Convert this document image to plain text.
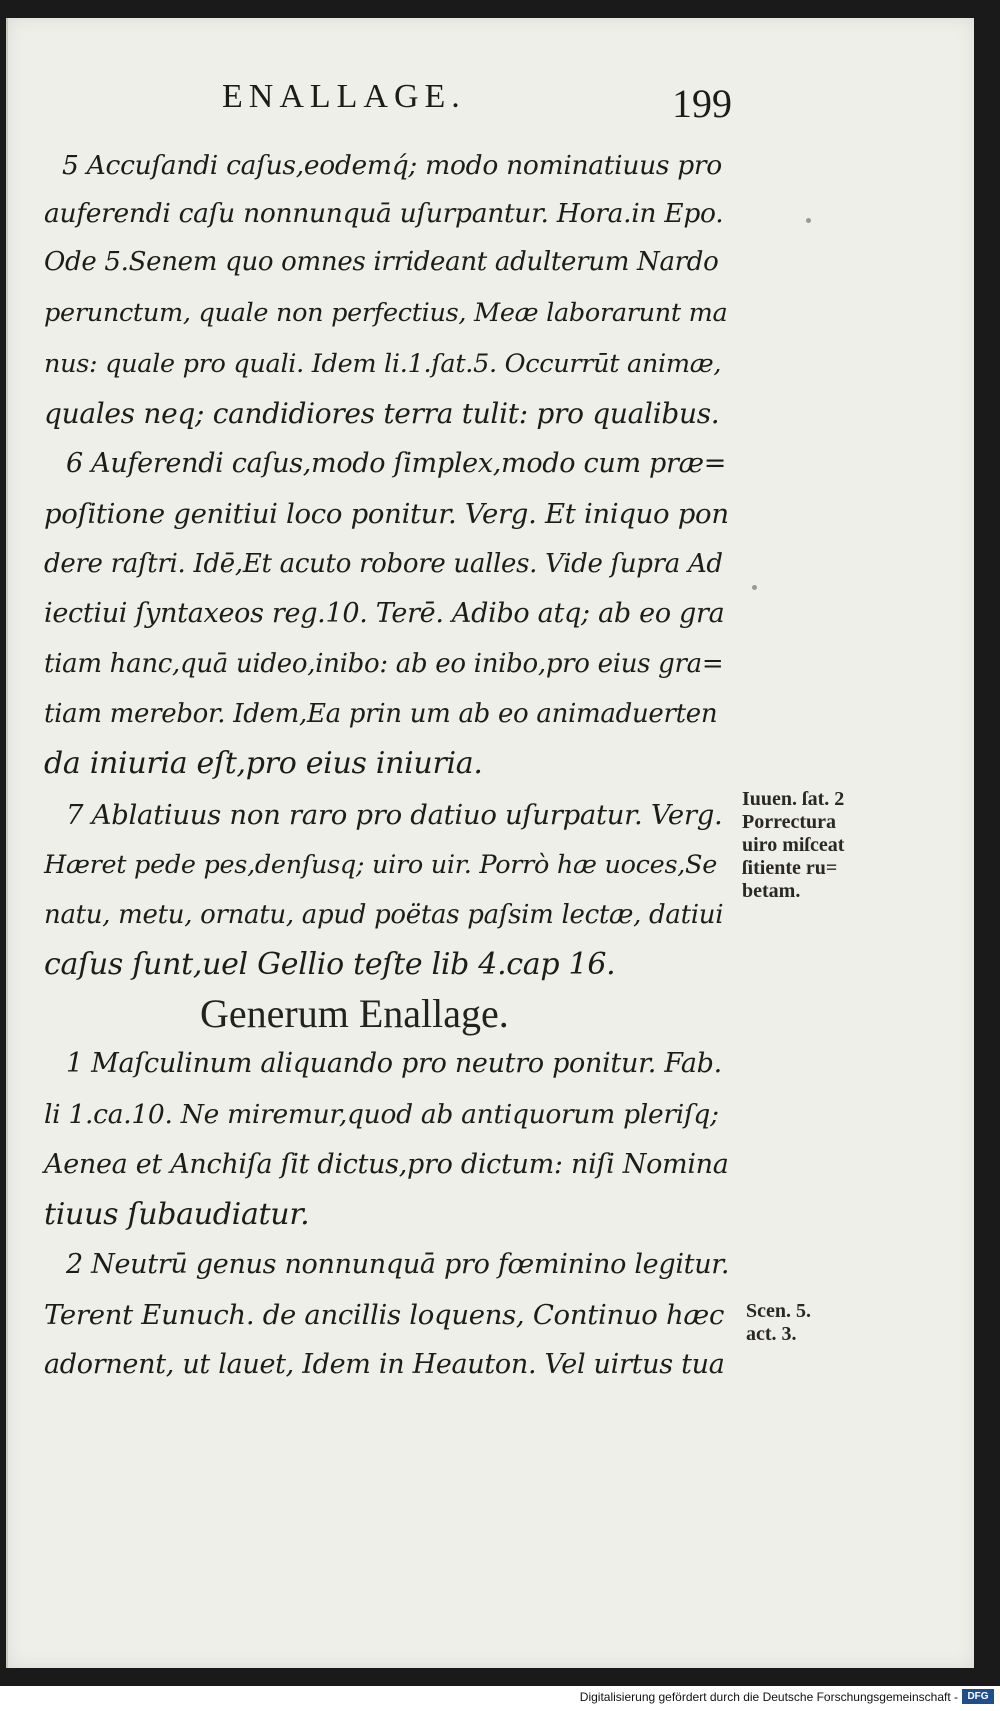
ENALLAGE.	199
5 Accuſandi caſus,eodemq́; modo nominatiuus pro
auferendi caſu nonnunquā uſurpantur. Hora.in Epo.
Ode 5.Senem quo omnes irrideant adulterum Nardo
perunctum, quale non perfectius, Meæ laborarunt ma
nus: quale pro quali. Idem li.1.ſat.5. Occurrūt animæ,
quales neq; candidiores terra tulit: pro qualibus.
6 Auferendi caſus,modo ſimplex,modo cum præ=
poſitione genitiui loco ponitur. Verg. Et iniquo pon
dere raſtri. Idē,Et acuto robore ualles. Vide ſupra Ad
iectiui ſyntaxeos reg.10. Terē. Adibo atq; ab eo gra
tiam hanc,quā uideo,inibo: ab eo inibo,pro eius gra=
tiam merebor. Idem,Ea prin um ab eo animaduerten
da iniuria eſt,pro eius iniuria.
7 Ablatiuus non raro pro datiuo uſurpatur. Verg.
Hæret pede pes,denſusq; uiro uir. Porrò hæ uoces,Se
natu, metu, ornatu, apud poëtas paſsim lectæ, datiui
caſus ſunt,uel Gellio teſte lib 4.cap 16.
Generum Enallage.
1 Maſculinum aliquando pro neutro ponitur. Fab.
li 1.ca.10. Ne miremur,quod ab antiquorum pleriſq;
Aenea et Anchiſa ſit dictus,pro dictum: niſi Nomina
tiuus ſubaudiatur.
2 Neutrū genus nonnunquā pro fœminino legitur.
Terent Eunuch. de ancillis loquens, Continuo hæc
adornent, ut lauet, Idem in Heauton. Vel uirtus tua
Iuuen. ſat. 2
Porrectura
uiro miſceat
ſitiente ru=
betam.
Scen. 5.
act. 3.
Digitalisierung gefördert durch die Deutsche Forschungsgemeinschaft - DFG
